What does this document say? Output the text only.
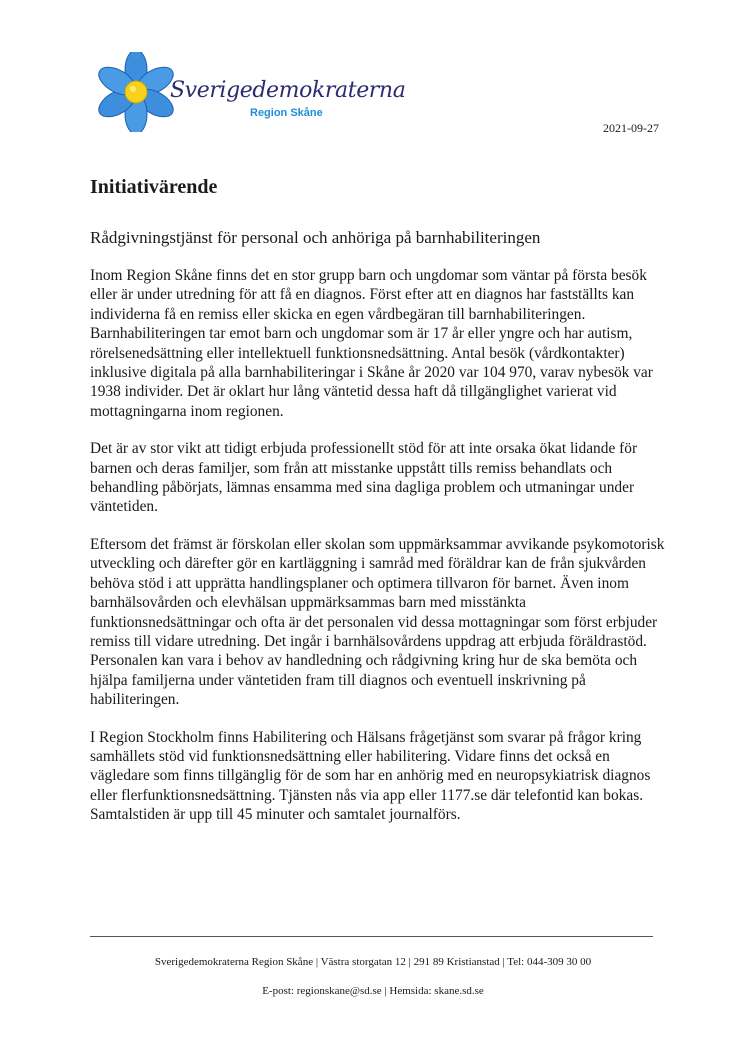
Sverigedemokraterna
Region Skåne
2021-09-27
Initiativärende
Rådgivningstjänst för personal och anhöriga på barnhabiliteringen

Inom Region Skåne finns det en stor grupp barn och ungdomar som väntar på första besök eller är under utredning för att få en diagnos. Först efter att en diagnos har fastställts kan individerna få en remiss eller skicka en egen vårdbegäran till barnhabiliteringen. Barnhabiliteringen tar emot barn och ungdomar som är 17 år eller yngre och har autism, rörelsenedsättning eller intellektuell funktionsnedsättning. Antal besök (vårdkontakter) inklusive digitala på alla barnhabiliteringar i Skåne år 2020 var 104 970, varav nybesök var 1938 individer. Det är oklart hur lång väntetid dessa haft då tillgänglighet varierat vid mottagningarna inom regionen.

Det är av stor vikt att tidigt erbjuda professionellt stöd för att inte orsaka ökat lidande för barnen och deras familjer, som från att misstanke uppstått tills remiss behandlats och behandling påbörjats, lämnas ensamma med sina dagliga problem och utmaningar under väntetiden.

Eftersom det främst är förskolan eller skolan som uppmärksammar avvikande psykomotorisk utveckling och därefter gör en kartläggning i samråd med föräldrar kan de från sjukvården behöva stöd i att upprätta handlingsplaner och optimera tillvaron för barnet. Även inom barnhälsovården och elevhälsan uppmärksammas barn med misstänkta funktionsnedsättningar och ofta är det personalen vid dessa mottagningar som först erbjuder remiss till vidare utredning. Det ingår i barnhälsovårdens uppdrag att erbjuda föräldrastöd. Personalen kan vara i behov av handledning och rådgivning kring hur de ska bemöta och hjälpa familjerna under väntetiden fram till diagnos och eventuell inskrivning på habiliteringen.

I Region Stockholm finns Habilitering och Hälsans frågetjänst som svarar på frågor kring samhällets stöd vid funktionsnedsättning eller habilitering. Vidare finns det också en vägledare som finns tillgänglig för de som har en anhörig med en neuropsykiatrisk diagnos eller flerfunktionsnedsättning. Tjänsten nås via app eller 1177.se där telefontid kan bokas. Samtalstiden är upp till 45 minuter och samtalet journalförs.

Sverigedemokraterna Region Skåne | Västra storgatan 12 | 291 89 Kristianstad | Tel: 044-309 30 00
E-post: regionskane@sd.se | Hemsida: skane.sd.se
